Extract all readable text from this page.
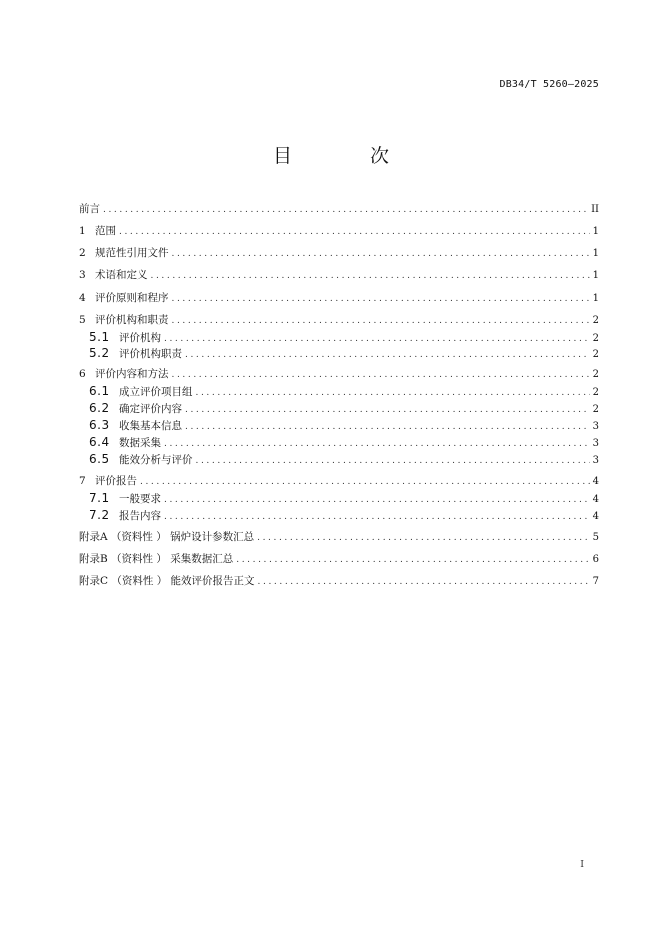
DB34/T 5260—2025
目 次
前言 .....	II
1 范围 .....	1
2 规范性引用文件 .....	1
3 术语和定义 .....	1
4 评价原则和程序 .....	1
5 评价机构和职责 .....	2
5.1 评价机构 .....	2
5.2 评价机构职责 .....	2
6 评价内容和方法 .....	2
6.1 成立评价项目组 .....	2
6.2 确定评价内容 .....	2
6.3 收集基本信息 .....	3
6.4 数据采集 .....	3
6.5 能效分析与评价 .....	3
7 评价报告 .....	4
7.1 一般要求 .....	4
7.2 报告内容 .....	4
附录A （资料性 ） 锅炉设计参数汇总 .....	5
附录B （资料性 ） 采集数据汇总 .....	6
附录C （资料性 ） 能效评价报告正文 .....	7
I
